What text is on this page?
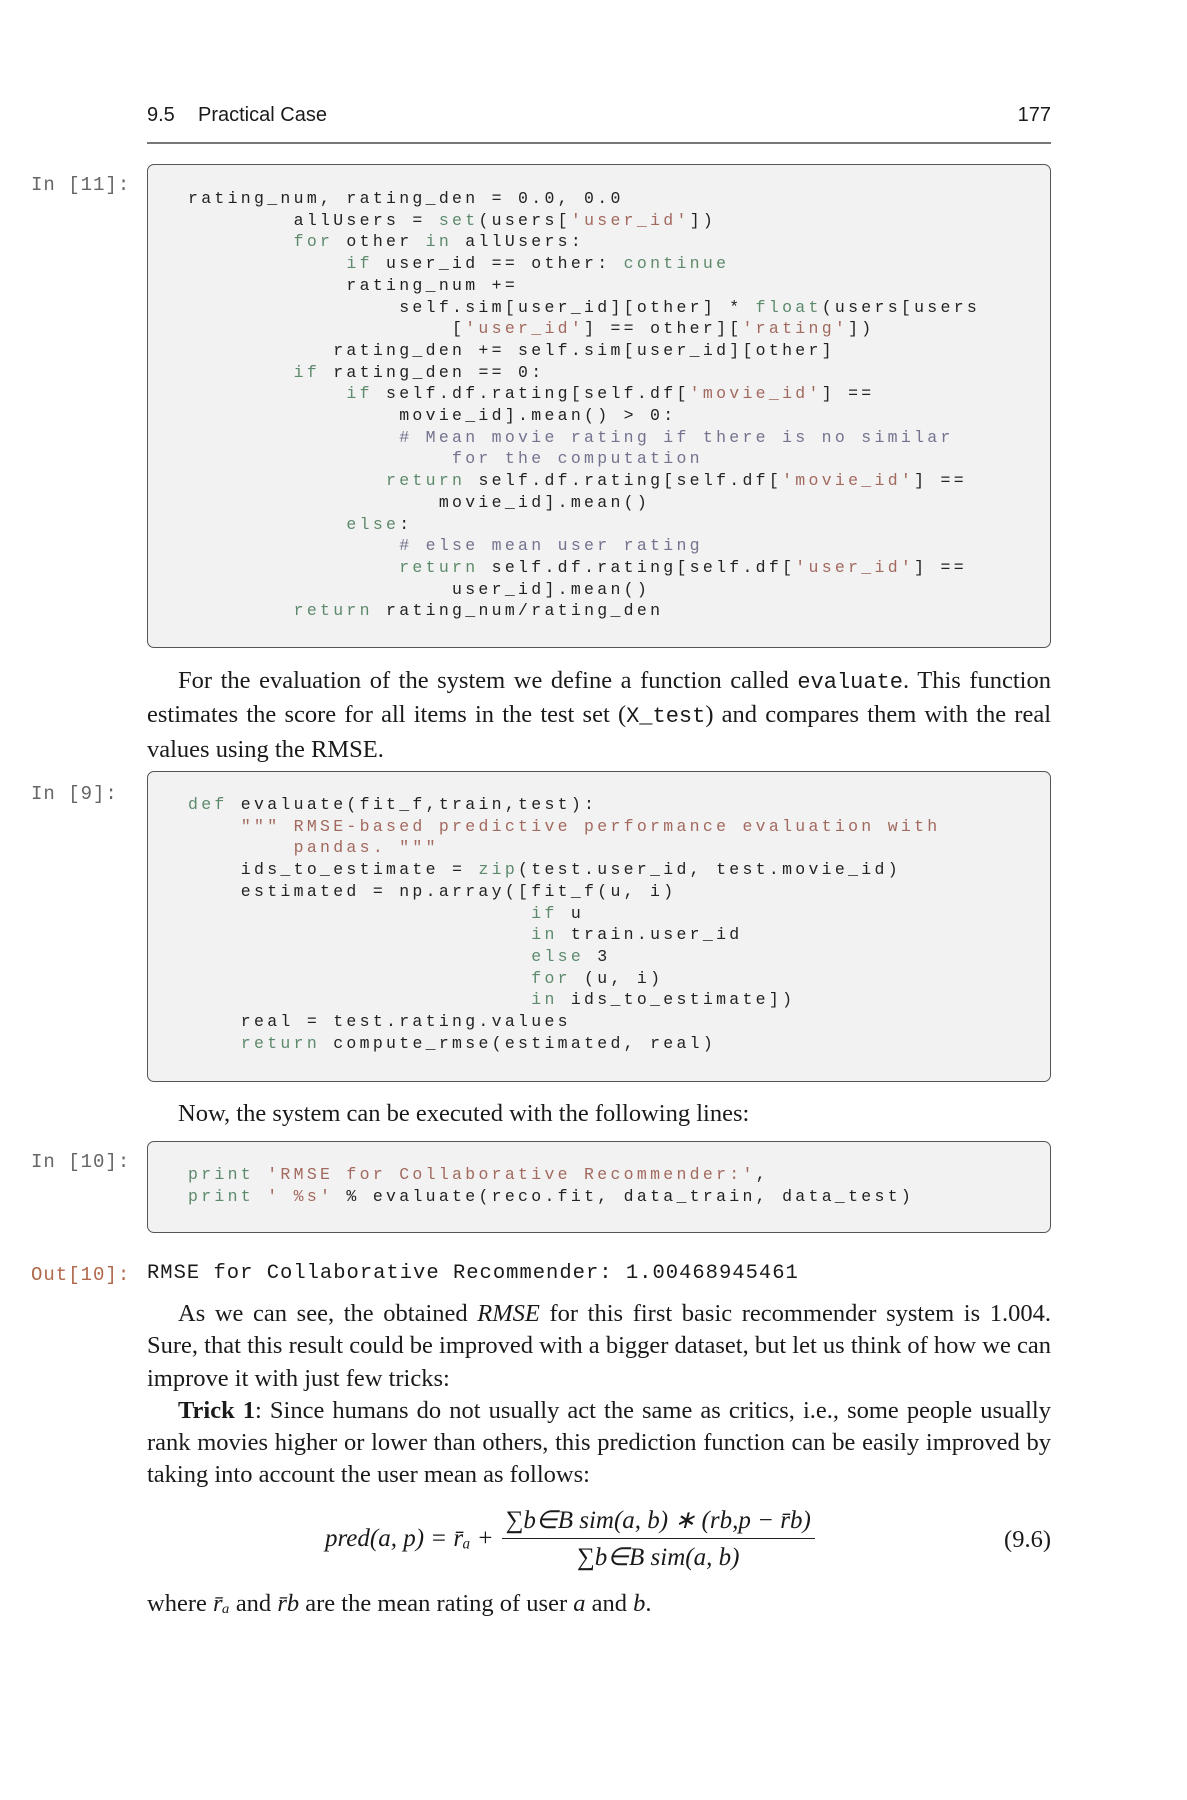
9.5 Practical Case	177
In [11]:
rating_num, rating_den = 0.0, 0.0
allUsers = set(users['user_id'])
for other in allUsers:
if user_id == other: continue
rating_num +=
self.sim[user_id][other] * float(users[users
['user_id'] == other]['rating'])
rating_den += self.sim[user_id][other]
if rating_den == 0:
if self.df.rating[self.df['movie_id'] ==
movie_id].mean() > 0:
# Mean movie rating if there is no similar
for the computation
return self.df.rating[self.df['movie_id'] ==
movie_id].mean()
else:
# else mean user rating
return self.df.rating[self.df['user_id'] ==
user_id].mean()
return rating_num/rating_den
For the evaluation of the system we define a function called evaluate. This function estimates the score for all items in the test set (X_test) and compares them with the real values using the RMSE.
In [9]:	def evaluate(fit_f,train,test):
""" RMSE-based predictive performance evaluation with
pandas. """
ids_to_estimate = zip(test.user_id, test.movie_id)
estimated = np.array([fit_f(u, i)
if u
in train.user_id
else 3
for (u, i)
in ids_to_estimate])
real = test.rating.values
return compute_rmse(estimated, real)
Now, the system can be executed with the following lines:
In [10]:
print 'RMSE for Collaborative Recommender:',
print ' %s' % evaluate(reco.fit, data_train, data_test)
Out[10]: RMSE for Collaborative Recommender: 1.00468945461
As we can see, the obtained RMSE for this first basic recommender system is 1.004. Sure, that this result could be improved with a bigger dataset, but let us think of how we can improve it with just few tricks:
Trick 1: Since humans do not usually act the same as critics, i.e., some people usually rank movies higher or lower than others, this prediction function can be easily improved by taking into account the user mean as follows:
pred(a, p) = r̄ₐ + $\frac{\text{∑b∈B sim(a, b) ∗ (rb,p − r̄b)}}{\text{∑b∈B sim(a, b)}}$	(9.6)
where r̄ₐ and r̄b are the mean rating of user a and b.
